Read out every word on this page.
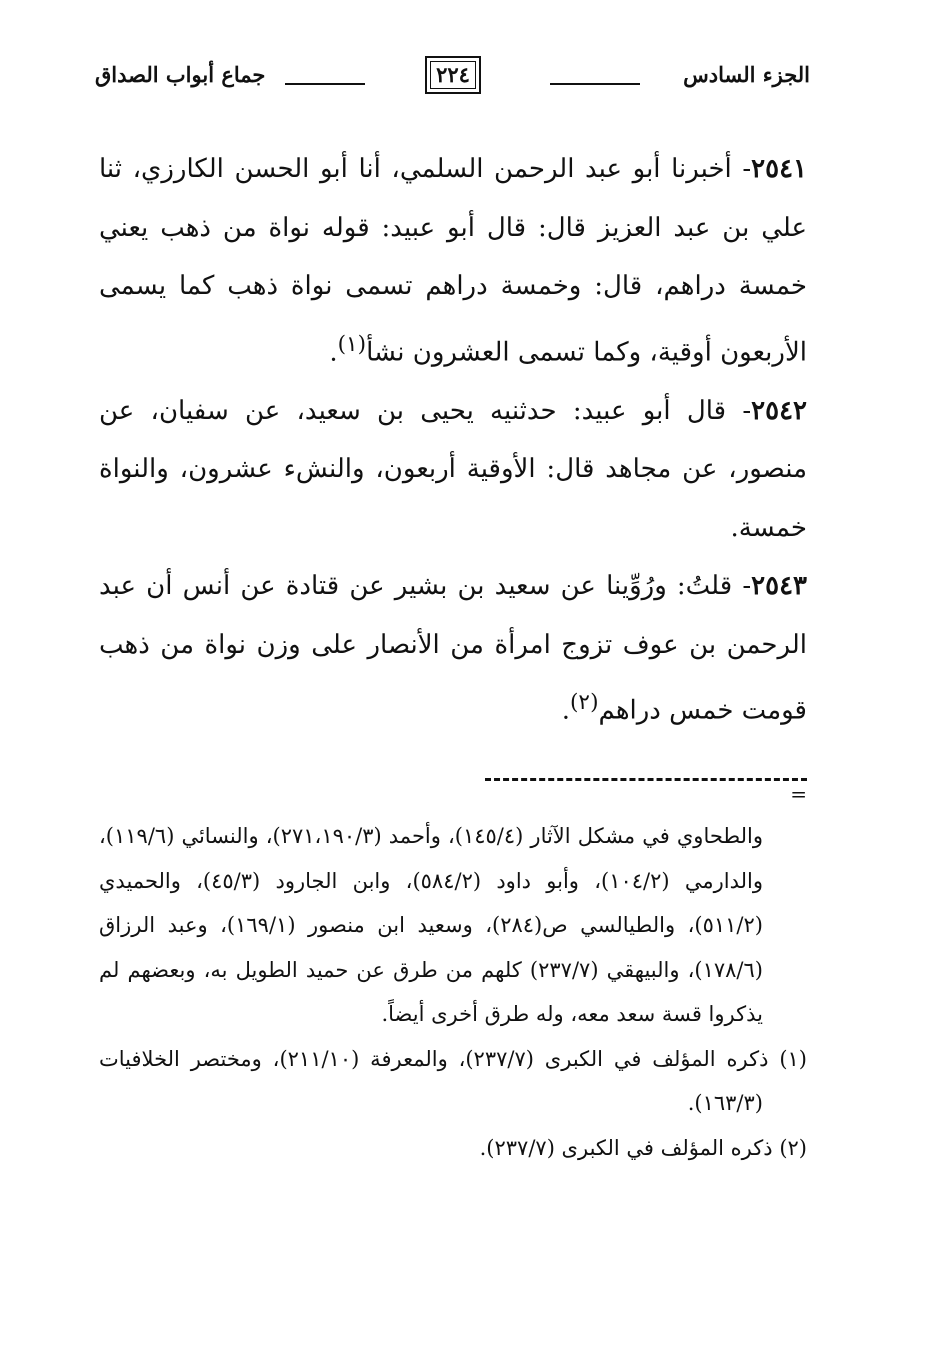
الجزء السادس
٢٢٤
جماع أبواب الصداق

٢٥٤١- أخبرنا أبو عبد الرحمن السلمي، أنا أبو الحسن الكارزي، ثنا علي بن عبد العزيز قال: قال أبو عبيد: قوله نواة من ذهب يعني خمسة دراهم، قال: وخمسة دراهم تسمى نواة ذهب كما يسمى الأربعون أوقية، وكما تسمى العشرون نشأ$^{(١)}$.

٢٥٤٢- قال أبو عبيد: حدثنيه يحيى بن سعيد، عن سفيان، عن منصور، عن مجاهد قال: الأوقية أربعون، والنشء عشرون، والنواة خمسة.

٢٥٤٣- قلتُ: ورُوِّينا عن سعيد بن بشير عن قتادة عن أنس أن عبد الرحمن بن عوف تزوج امرأة من الأنصار على وزن نواة من ذهب قومت خمس دراهم$^{(٢)}$.

=

والطحاوي في مشكل الآثار (١٤٥/٤)، وأحمد (٢٧١،١٩٠/٣)، والنسائي (١١٩/٦)، والدارمي (١٠٤/٢)، وأبو داود (٥٨٤/٢)، وابن الجارود (٤٥/٣)، والحميدي (٥١١/٢)، والطيالسي ص(٢٨٤)، وسعيد ابن منصور (١٦٩/١)، وعبد الرزاق (١٧٨/٦)، والبيهقي (٢٣٧/٧) كلهم من طرق عن حميد الطويل به، وبعضهم لم يذكروا قسة سعد معه، وله طرق أخرى أيضاً.

(١) ذكره المؤلف في الكبرى (٢٣٧/٧)، والمعرفة (٢١١/١٠)، ومختصر الخلافيات (١٦٣/٣).

(٢) ذكره المؤلف في الكبرى (٢٣٧/٧).
